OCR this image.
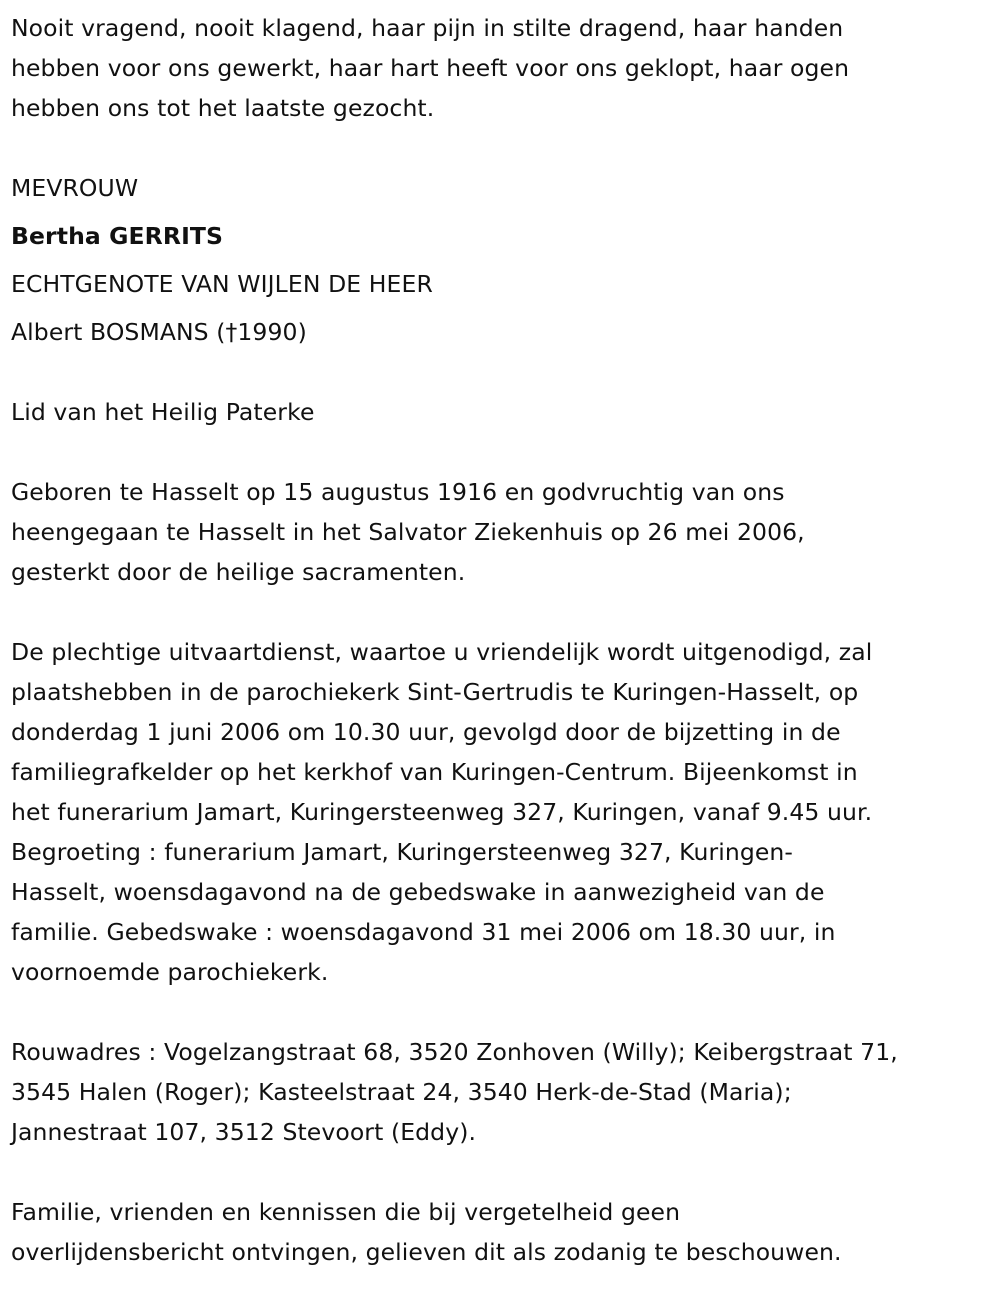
Nooit vragend, nooit klagend, haar pijn in stilte dragend, haar handen
hebben voor ons gewerkt, haar hart heeft voor ons geklopt, haar ogen
hebben ons tot het laatste gezocht.
MEVROUW
Bertha GERRITS
ECHTGENOTE VAN WIJLEN DE HEER
Albert BOSMANS (†1990)
Lid van het Heilig Paterke
Geboren te Hasselt op 15 augustus 1916 en godvruchtig van ons
heengegaan te Hasselt in het Salvator Ziekenhuis op 26 mei 2006,
gesterkt door de heilige sacramenten.
De plechtige uitvaartdienst, waartoe u vriendelijk wordt uitgenodigd, zal
plaatshebben in de parochiekerk Sint-Gertrudis te Kuringen-Hasselt, op
donderdag 1 juni 2006 om 10.30 uur, gevolgd door de bijzetting in de
familiegrafkelder op het kerkhof van Kuringen-Centrum. Bijeenkomst in
het funerarium Jamart, Kuringersteenweg 327, Kuringen, vanaf 9.45 uur.
Begroeting : funerarium Jamart, Kuringersteenweg 327, Kuringen-
Hasselt, woensdagavond na de gebedswake in aanwezigheid van de
familie. Gebedswake : woensdagavond 31 mei 2006 om 18.30 uur, in
voornoemde parochiekerk.
Rouwadres : Vogelzangstraat 68, 3520 Zonhoven (Willy); Keibergstraat 71,
3545 Halen (Roger); Kasteelstraat 24, 3540 Herk-de-Stad (Maria);
Jannestraat 107, 3512 Stevoort (Eddy).
Familie, vrienden en kennissen die bij vergetelheid geen
overlijdensbericht ontvingen, gelieven dit als zodanig te beschouwen.
